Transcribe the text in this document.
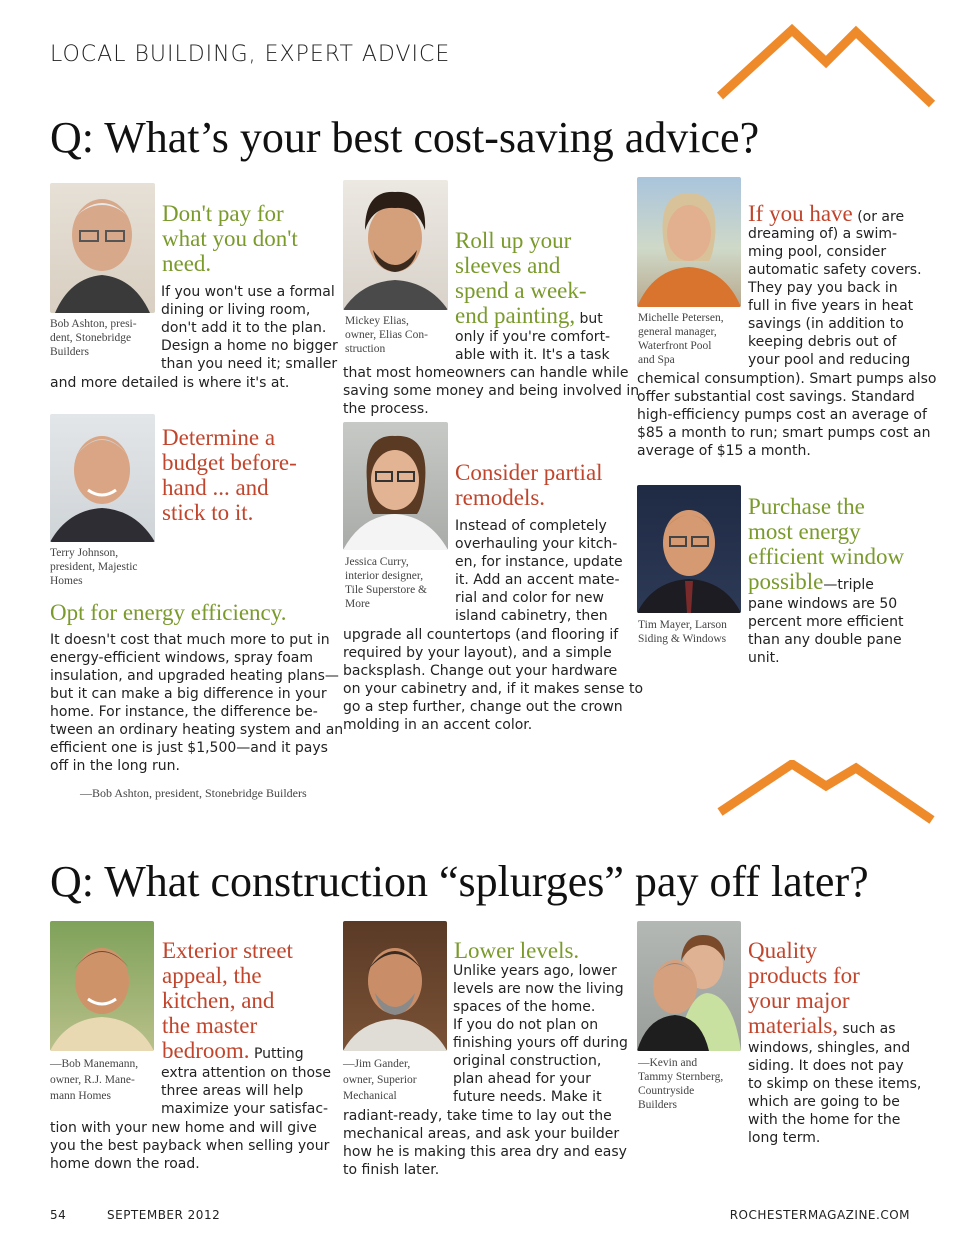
LOCAL BUILDING, EXPERT ADVICE
Q: What’s your best cost-saving advice?
Bob Ashton, presi-
dent, Stonebridge
Builders
Don't pay for
what you don't
need.
If you won't use a formal
dining or living room,
don't add it to the plan.
Design a home no bigger
than you need it; smaller
and more detailed is where it's at.
Terry Johnson,
president, Majestic
Homes
Determine a
budget before-
hand ... and
stick to it.
Opt for energy efficiency.
It doesn't cost that much more to put in
energy-efficient windows, spray foam
insulation, and upgraded heating plans—
but it can make a big difference in your
home. For instance, the difference be-
tween an ordinary heating system and an
efficient one is just $1,500—and it pays
off in the long run.
—Bob Ashton, president, Stonebridge Builders
Mickey Elias,
owner, Elias Con-
struction
Roll up your
sleeves and
spend a week-
end painting, but
only if you're comfort-
able with it. It's a task
that most homeowners can handle while
saving some money and being involved in
the process.
Jessica Curry,
interior designer,
Tile Superstore &
More
Consider partial
remodels.
Instead of completely
overhauling your kitch-
en, for instance, update
it. Add an accent mate-
rial and color for new
island cabinetry, then
upgrade all countertops (and flooring if
required by your layout), and a simple
backsplash. Change out your hardware
on your cabinetry and, if it makes sense to
go a step further, change out the crown
molding in an accent color.
Michelle Petersen,
general manager,
Waterfront Pool
and Spa
If you have (or are
dreaming of) a swim-
ming pool, consider
automatic safety covers.
They pay you back in
full in five years in heat
savings (in addition to
keeping debris out of
your pool and reducing
chemical consumption). Smart pumps also
offer substantial cost savings. Standard
high-efficiency pumps cost an average of
$85 a month to run; smart pumps cost an
average of $15 a month.
Tim Mayer, Larson
Siding & Windows
Purchase the
most energy
efficient window
possible—triple
pane windows are 50
percent more efficient
than any double pane
unit.
Q: What construction “splurges” pay off later?
—Bob Manemann,
owner, R.J. Mane-
mann Homes
Exterior street
appeal, the
kitchen, and
the master
bedroom. Putting
extra attention on those
three areas will help
maximize your satisfac-
tion with your new home and will give
you the best payback when selling your
home down the road.
—Jim Gander,
owner, Superior
Mechanical
Lower levels.
Unlike years ago, lower
levels are now the living
spaces of the home.
If you do not plan on
finishing yours off during
original construction,
plan ahead for your
future needs. Make it
radiant-ready, take time to lay out the
mechanical areas, and ask your builder
how he is making this area dry and easy
to finish later.
—Kevin and
Tammy Sternberg,
Countryside
Builders
Quality
products for
your major
materials, such as
windows, shingles, and
siding. It does not pay
to skimp on these items,
which are going to be
with the home for the
long term.
54	SEPTEMBER 2012	ROCHESTERMAGAZINE.COM
